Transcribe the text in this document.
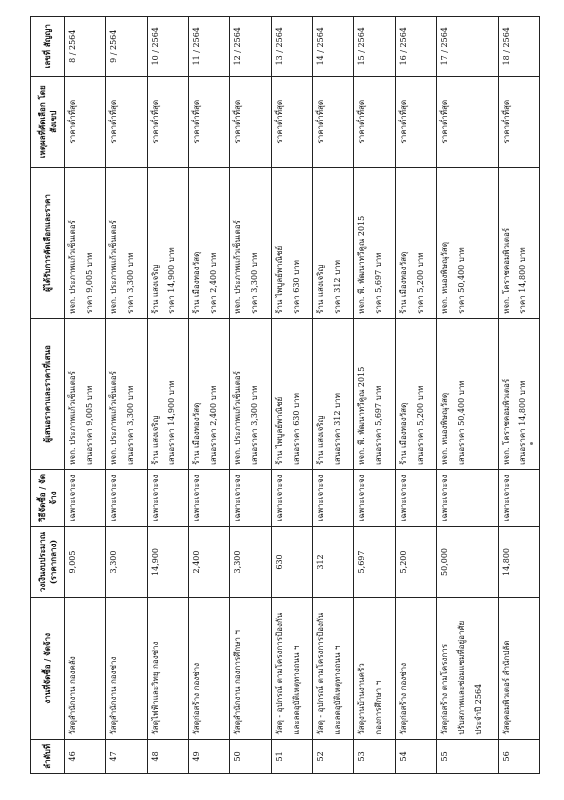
ลำดับที่	งานที่จัดซื้อ / จัดจ้าง	วงเงินงบประมาณ (ราคากลาง)	วิธีจัดซื้อ / จัดจ้าง	ผู้เสนอราคาและราคาที่เสนอ	ผู้ได้รับการคัดเลือกและราคา	เหตุผลที่คัดเลือก โดยสังเขป	เลขที่ สัญญา

46	วัสดุสำนักงาน กองคลัง	9,005	เฉพาะเจาะจง	หจก. ประภาพแก้วเซ็นเตอร์ เสนอราคา 9,005 บาท	หจก. ประภาพแก้วเซ็นเตอร์ ราคา 9,005 บาท	ราคาต่ำที่สุด	8 / 2564

47	วัสดุสำนักงาน กองช่าง	3,300	เฉพาะเจาะจง	หจก. ประภาพแก้วเซ็นเตอร์ เสนอราคา 3,300 บาท	หจก. ประภาพแก้วเซ็นเตอร์ ราคา 3,300 บาท	ราคาต่ำที่สุด	9 / 2564

48	วัสดุไฟฟ้าและวิทยุ กองช่าง	14,900	เฉพาะเจาะจง	ร้าน แสงเจริญ เสนอราคา 14,900 บาท	ร้าน แสงเจริญ ราคา 14,900 บาท	ราคาต่ำที่สุด	10 / 2564

49	วัสดุก่อสร้าง กองช่าง	2,400	เฉพาะเจาะจง	ร้าน เมืองทองวัสดุ เสนอราคา 2,400 บาท	ร้าน เมืองทองวัสดุ ราคา 2,400 บาท	ราคาต่ำที่สุด	11 / 2564

50	วัสดุสำนักงาน กองการศึกษา ฯ	3,300	เฉพาะเจาะจง	หจก. ประภาพแก้วเซ็นเตอร์ เสนอราคา 3,300 บาท	หจก. ประภาพแก้วเซ็นเตอร์ ราคา 3,300 บาท	ราคาต่ำที่สุด	12 / 2564

51	วัสดุ - อุปกรณ์ ตามโครงการป้องกัน และลดอุบัติเหตุทางถนน ฯ	630	เฉพาะเจาะจง	ร้าน ไพบูลย์พาณิชย์ เสนอราคา 630 บาท	ร้าน ไพบูลย์พาณิชย์ ราคา 630 บาท	ราคาต่ำที่สุด	13 / 2564

52	วัสดุ - อุปกรณ์ ตามโครงการป้องกัน และลดอุบัติเหตุทางถนน ฯ	312	เฉพาะเจาะจง	ร้าน แสงเจริญ เสนอราคา 312 บาท	ร้าน แสงเจริญ ราคา 312 บาท	ราคาต่ำที่สุด	14 / 2564

53	วัสดุงานบ้านงานครัว กองการศึกษา ฯ	5,697	เฉพาะเจาะจง	หจก. พี. พัฒนาทวีคูณ 2015 เสนอราคา 5,697 บาท	หจก. พี. พัฒนาทวีคูณ 2015 ราคา 5,697 บาท	ราคาต่ำที่สุด	15 / 2564

54	วัสดุก่อสร้าง กองช่าง	5,200	เฉพาะเจาะจง	ร้าน เมืองทองวัสดุ เสนอราคา 5,200 บาท	ร้าน เมืองทองวัสดุ ราคา 5,200 บาท	ราคาต่ำที่สุด	16 / 2564

55	วัสดุก่อสร้าง ตามโครงการ ปรับสภาพและซ่อมแซมที่อยู่อาศัย ประจำปี 2564	50,000	เฉพาะเจาะจง	หจก. หนองพิษณุวัสดุ เสนอราคา 50,400 บาท	หจก. หนองพิษณุวัสดุ ราคา 50,400 บาท	ราคาต่ำที่สุด	17 / 2564

56	วัสดุคอมพิวเตอร์ สำนักปลัด	14,800	เฉพาะเจาะจง	หจก. โคราชคอมพิวเตอร์ เสนอราคา 14,800 บาท	หจก. โคราชคอมพิวเตอร์ ราคา 14,800 บาท	ราคาต่ำที่สุด	18 / 2564
